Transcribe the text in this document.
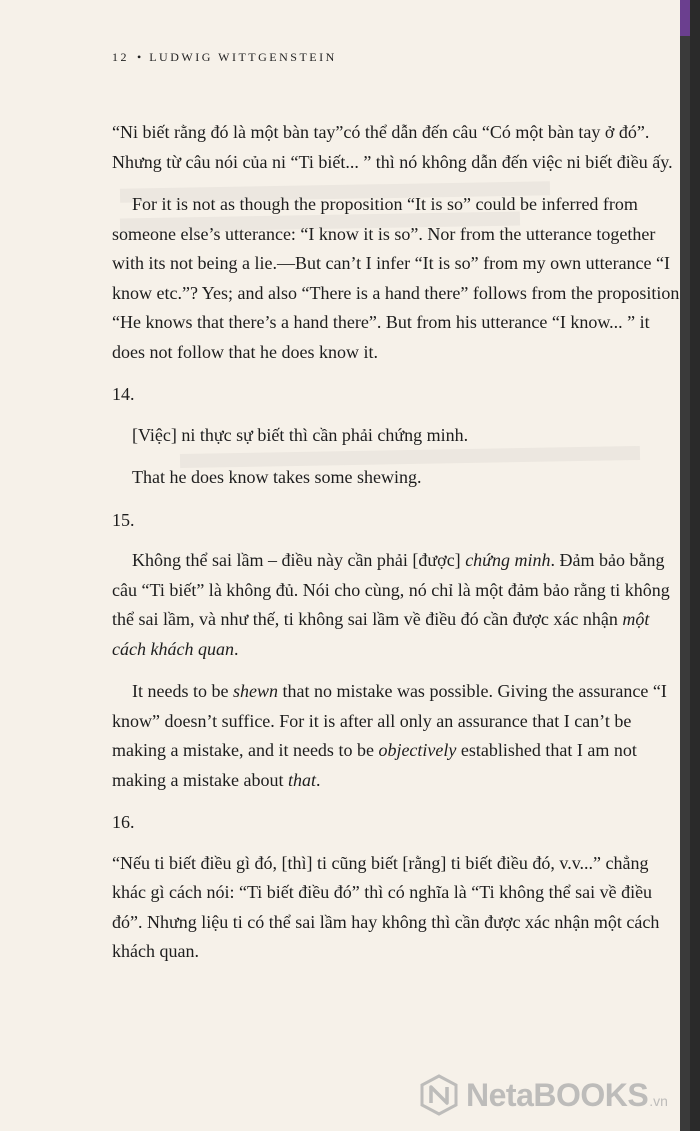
12 • LUDWIG WITTGENSTEIN

“Ni biết rằng đó là một bàn tay”có thể dẫn đến câu “Có một bàn tay ở đó”. Nhưng từ câu nói của ni “Ti biết... ” thì nó không dẫn đến việc ni biết điều ấy.

For it is not as though the proposition “It is so” could be inferred from someone else’s utterance: “I know it is so”. Nor from the utterance together with its not being a lie.—But can’t I infer “It is so” from my own utterance “I know etc.”? Yes; and also “There is a hand there” follows from the proposition “He knows that there’s a hand there”. But from his utterance “I know... ” it does not follow that he does know it.

14.

[Việc] ni thực sự biết thì cần phải chứng minh.

That he does know takes some shewing.

15.

Không thể sai lầm – điều này cần phải [được] chứng minh. Đảm bảo bằng câu “Ti biết” là không đủ. Nói cho cùng, nó chỉ là một đảm bảo rằng ti không thể sai lầm, và như thế, ti không sai lầm về điều đó cần được xác nhận một cách khách quan.

It needs to be shewn that no mistake was possible. Giving the assurance “I know” doesn’t suffice. For it is after all only an assurance that I can’t be making a mistake, and it needs to be objectively established that I am not making a mistake about that.

16.

“Nếu ti biết điều gì đó, [thì] ti cũng biết [rằng] ti biết điều đó, v.v...” chẳng khác gì cách nói: “Ti biết điều đó” thì có nghĩa là “Ti không thể sai về điều đó”. Nhưng liệu ti có thể sai lầm hay không thì cần được xác nhận một cách khách quan.

NetaBOOKS .vn
